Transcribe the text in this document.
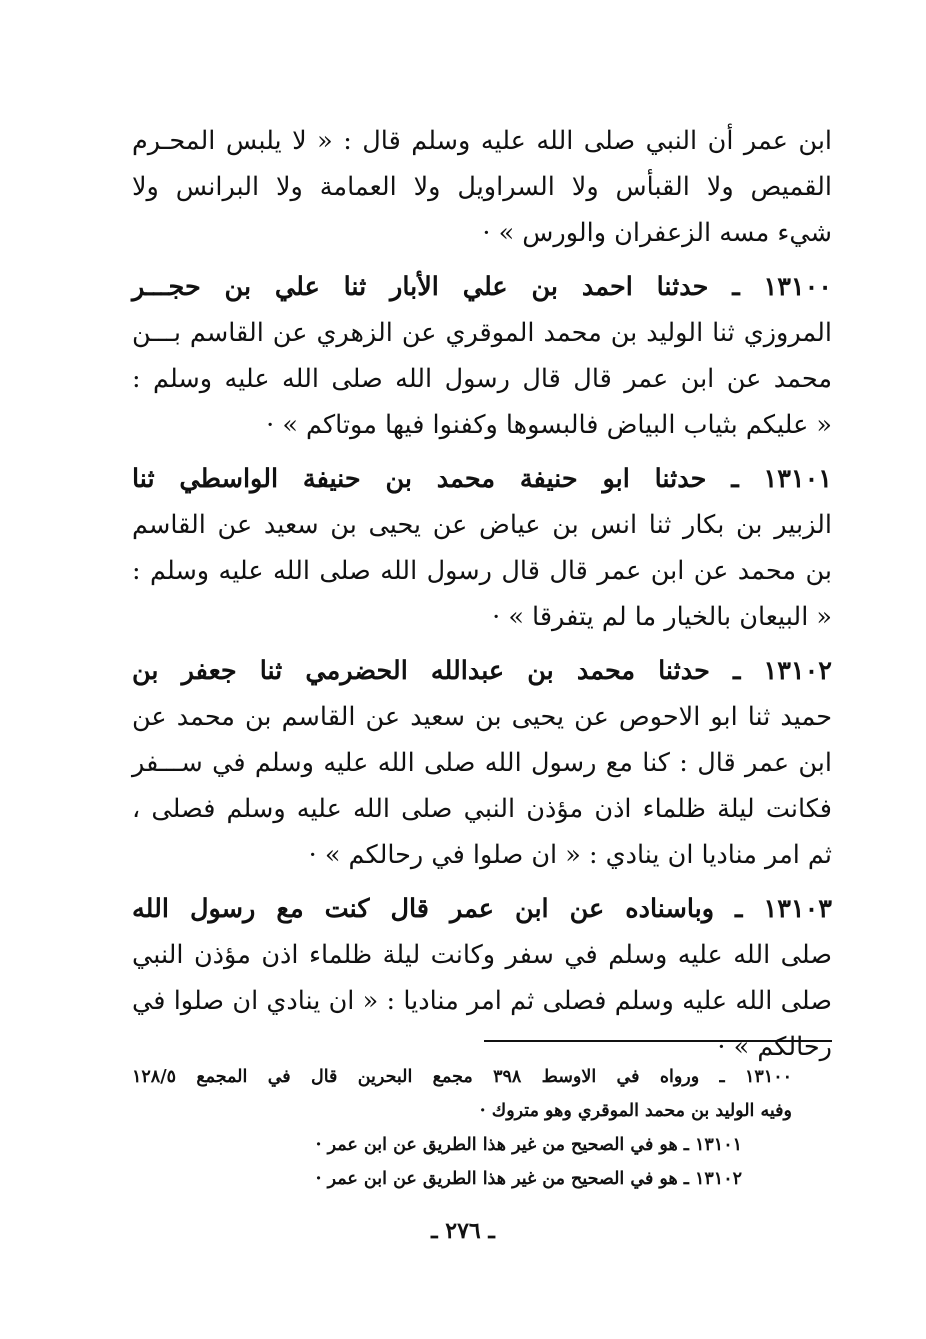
ابن عمر أن النبي صلى الله عليه وسلم قال : « لا يلبس المحـرم
القميص ولا القبأس ولا السراويل ولا العمامة ولا البرانس ولا
شيء مسه الزعفران والورس » ·
١٣١٠٠ ـ حدثنا احمد بن علي الأبار ثنا علي بن حجـــر
المروزي ثنا الوليد بن محمد الموقري عن الزهري عن القاسم بـــن
محمد عن ابن عمر قال قال رسول الله صلى الله عليه وسلم :
« عليكم بثياب البياض فالبسوها وكفنوا فيها موتاكم » ·
١٣١٠١ ـ حدثنا ابو حنيفة محمد بن حنيفة الواسطي ثنا
الزبير بن بكار ثنا انس بن عياض عن يحيى بن سعيد عن القاسم
بن محمد عن ابن عمر قال قال رسول الله صلى الله عليه وسلم :
« البيعان بالخيار ما لم يتفرقا » ·
١٣١٠٢ ـ حدثنا محمد بن عبدالله الحضرمي ثنا جعفر بن
حميد ثنا ابو الاحوص عن يحيى بن سعيد عن القاسم بن محمد عن
ابن عمر قال : كنا مع رسول الله صلى الله عليه وسلم في ســـفر
فكانت ليلة ظلماء اذن مؤذن النبي صلى الله عليه وسلم فصلى ،
ثم امر مناديا ان ينادي : « ان صلوا في رحالكم » ·
١٣١٠٣ ـ وباسناده عن ابن عمر قال كنت مع رسول الله
صلى الله عليه وسلم في سفر وكانت ليلة ظلماء اذن مؤذن النبي
صلى الله عليه وسلم فصلى ثم امر مناديا : « ان ينادي ان صلوا في
رحالكم » ·
١٣١٠٠ ـ ورواه في الاوسط ٣٩٨ مجمع البحرين قال في المجمع ١٢٨/٥
وفيه الوليد بن محمد الموقري وهو متروك ·
١٣١٠١ ـ هو في الصحيح من غير هذا الطريق عن ابن عمر ·
١٣١٠٢ ـ هو في الصحيح من غير هذا الطريق عن ابن عمر ·
ـ ٢٧٦ ـ
